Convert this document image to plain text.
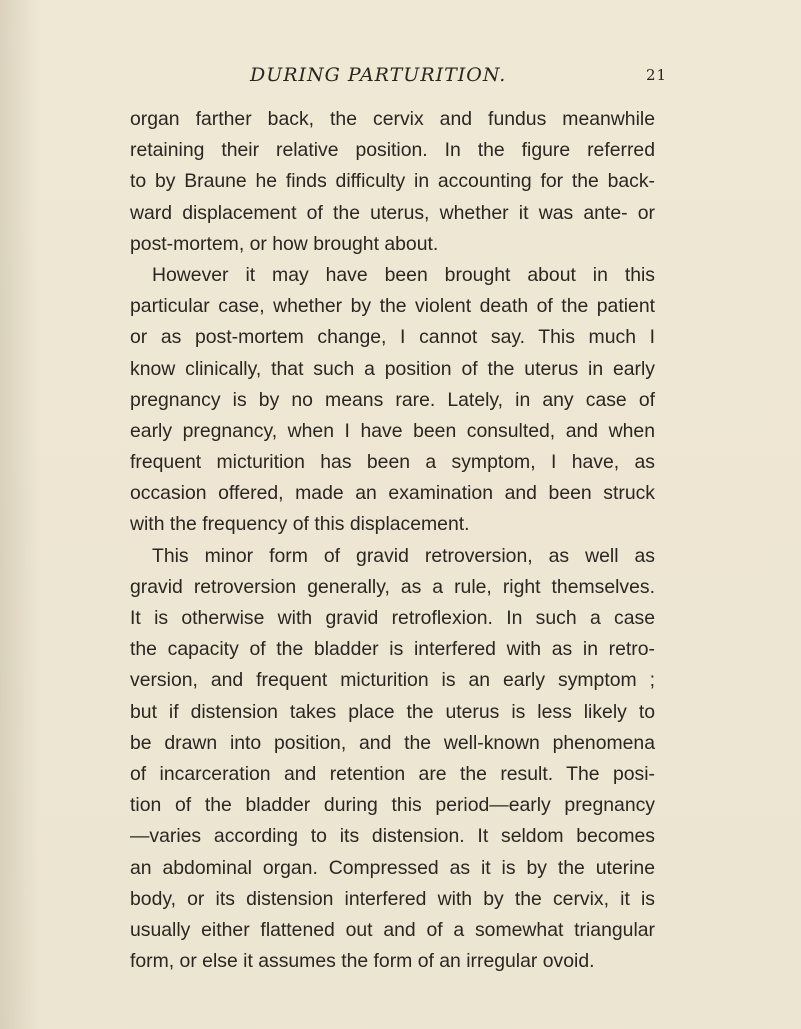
DURING PARTURITION.	21
organ farther back, the cervix and fundus meanwhile
retaining their relative position. In the figure referred
to by Braune he finds difficulty in accounting for the back-
ward displacement of the uterus, whether it was ante- or
post-mortem, or how brought about.
However it may have been brought about in this
particular case, whether by the violent death of the patient
or as post-mortem change, I cannot say. This much I
know clinically, that such a position of the uterus in early
pregnancy is by no means rare. Lately, in any case of
early pregnancy, when I have been consulted, and when
frequent micturition has been a symptom, I have, as
occasion offered, made an examination and been struck
with the frequency of this displacement.
This minor form of gravid retroversion, as well as
gravid retroversion generally, as a rule, right themselves.
It is otherwise with gravid retroflexion. In such a case
the capacity of the bladder is interfered with as in retro-
version, and frequent micturition is an early symptom ;
but if distension takes place the uterus is less likely to
be drawn into position, and the well-known phenomena
of incarceration and retention are the result. The posi-
tion of the bladder during this period—early pregnancy
—varies according to its distension. It seldom becomes
an abdominal organ. Compressed as it is by the uterine
body, or its distension interfered with by the cervix, it is
usually either flattened out and of a somewhat triangular
form, or else it assumes the form of an irregular ovoid.
